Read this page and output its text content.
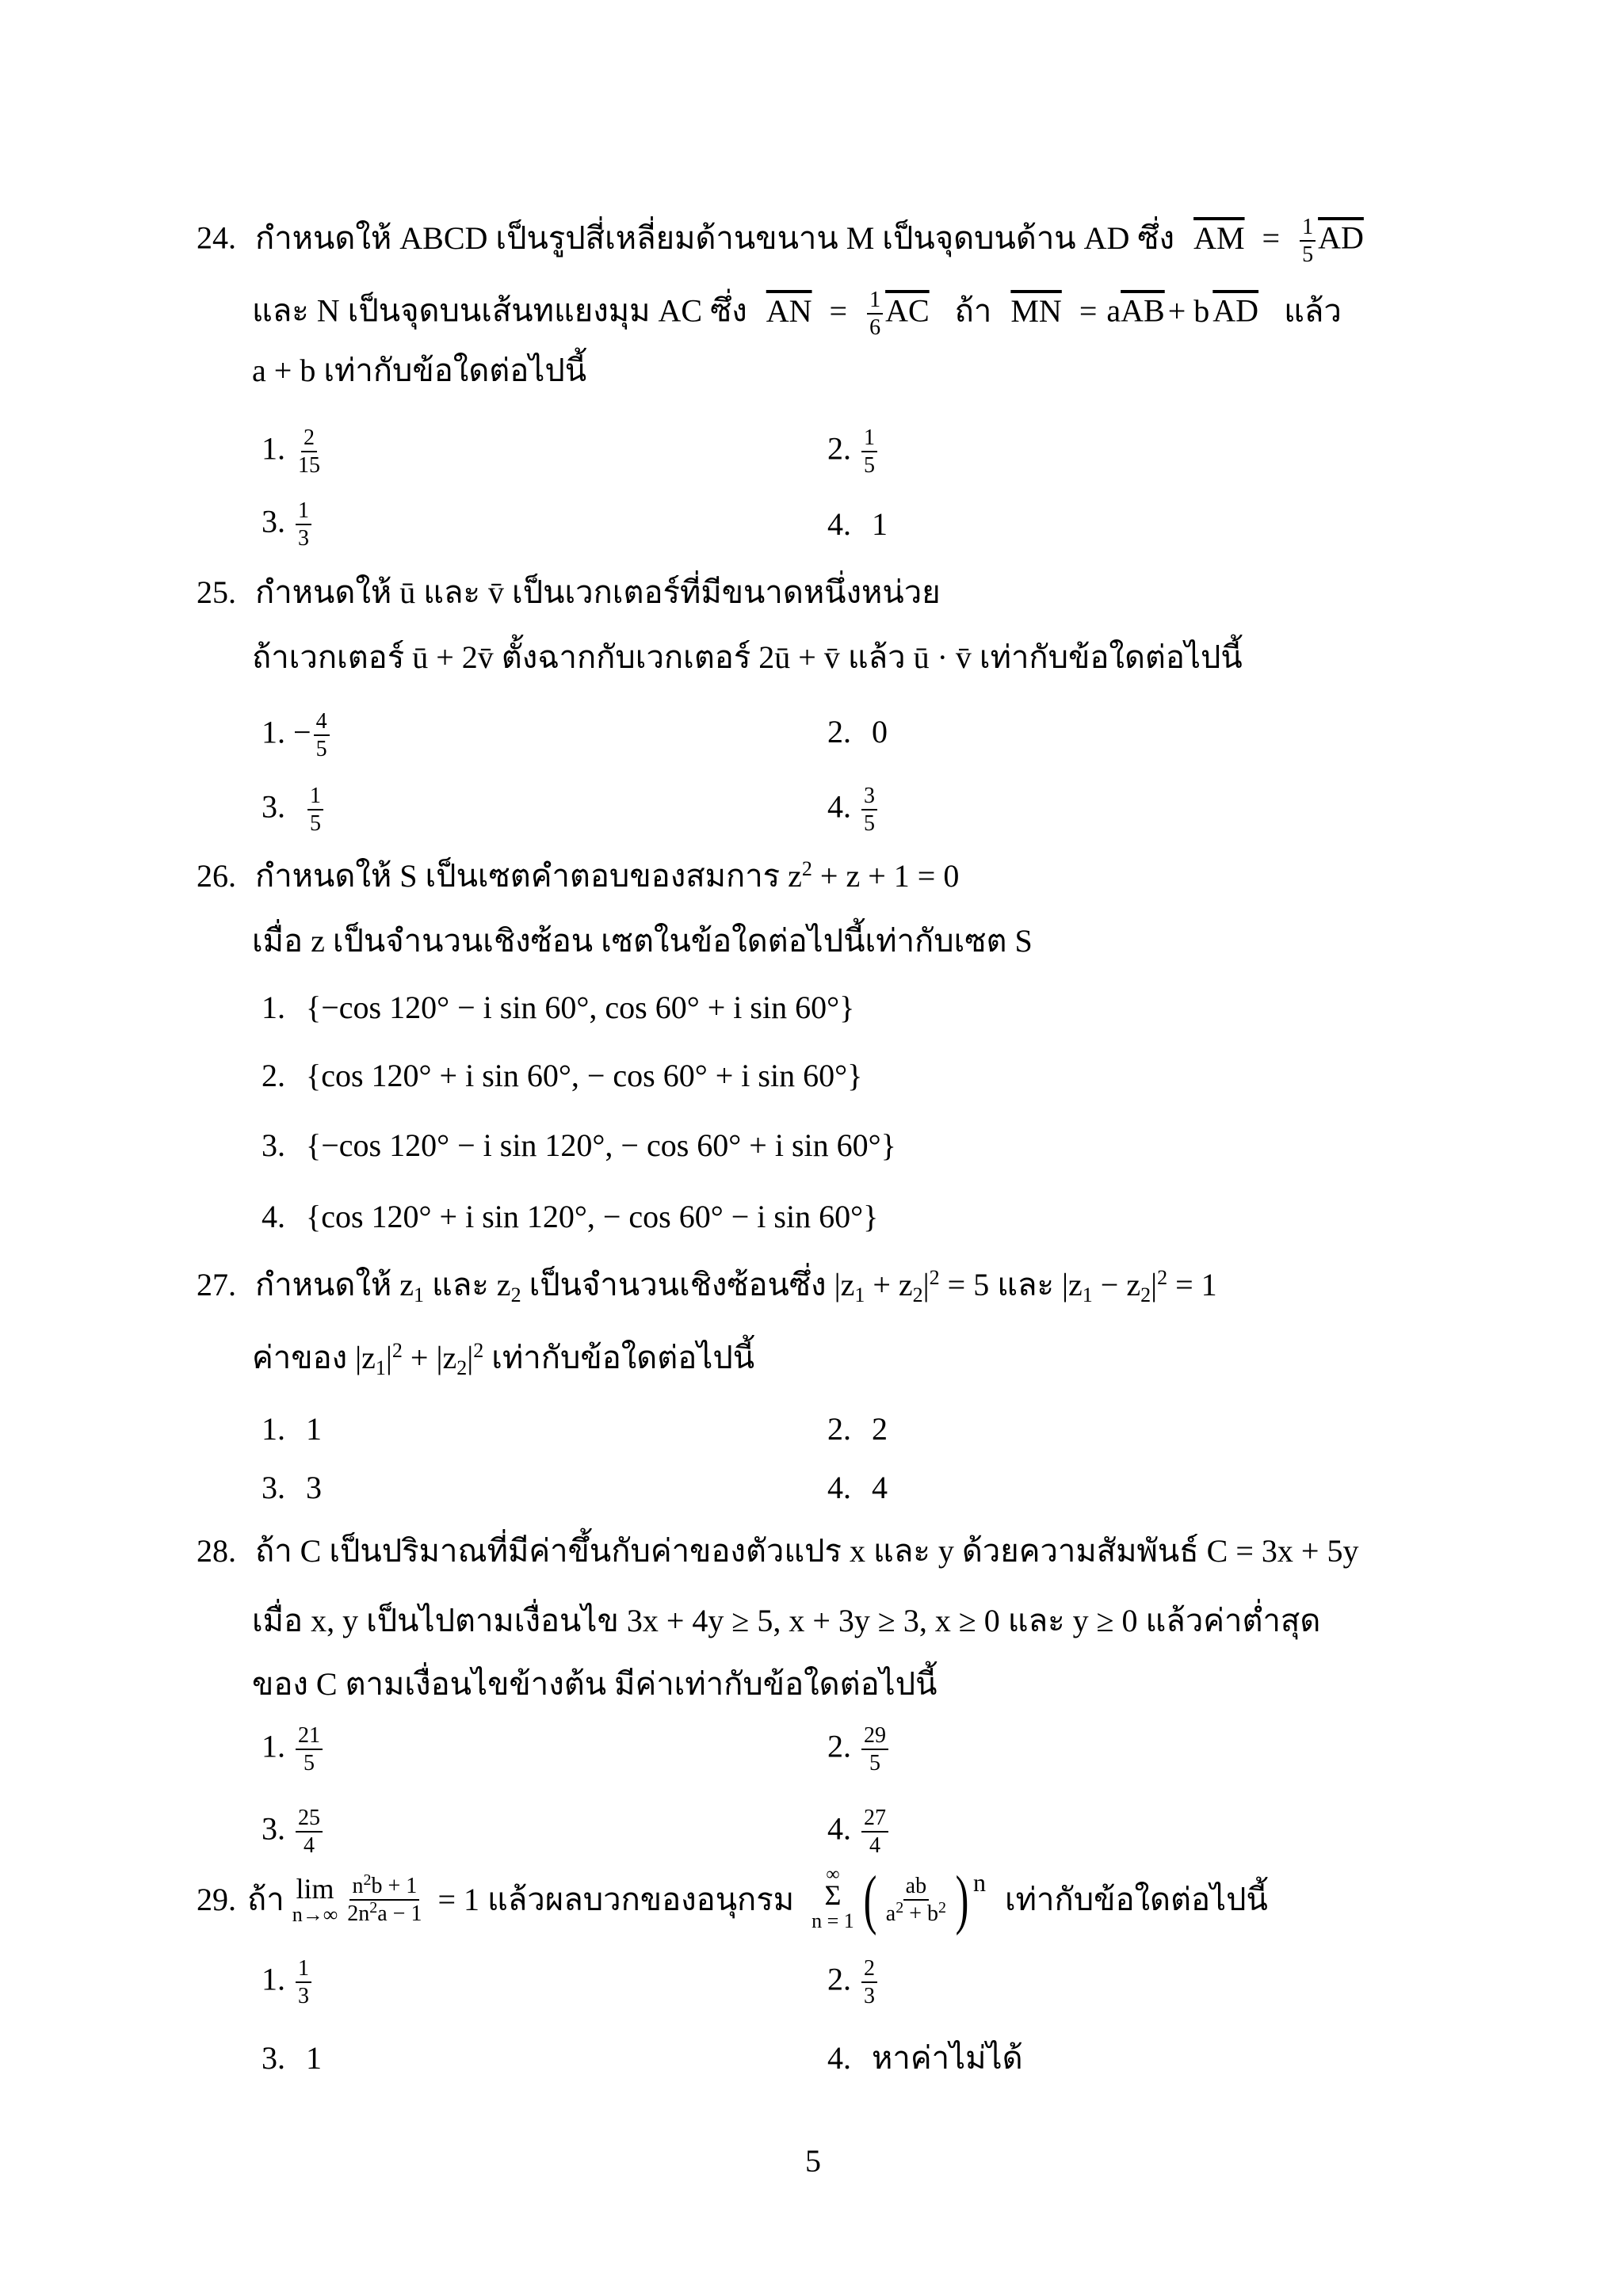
24. กำหนดให้ ABCD เป็นรูปสี่เหลี่ยมด้านขนาน M เป็นจุดบนด้าน AD ซึ่ง $\overline{AM} = \frac{1}{5} \overline{AD}$
และ N เป็นจุดบนเส้นทแยงมุม AC ซึ่ง $\overline{AN} = \frac{1}{6} \overline{AC}$ ถ้า $\overline{MN} = a\overline{AB} + b$ $\overline{AD}$ แล้ว
a + b เท่ากับข้อใดต่อไปนี้
1. $\frac{2}{15}$	2. $\frac{1}{5}$
3. $\frac{1}{3}$	4. 1
25. กำหนดให้ ū และ v̄ เป็นเวกเตอร์ที่มีขนาดหนึ่งหน่วย
ถ้าเวกเตอร์ ū + 2v̄ ตั้งฉากกับเวกเตอร์ 2ū + v̄ แล้ว ū · v̄ เท่ากับข้อใดต่อไปนี้
1. − $\frac{4}{5}$	2. 0
3. $\frac{1}{5}$	4. $\frac{3}{5}$
26. กำหนดให้ S เป็นเซตคำตอบของสมการ $z^2 + z + 1 = 0$
เมื่อ z เป็นจำนวนเชิงซ้อน เซตในข้อใดต่อไปนี้เท่ากับเซต S
1. {−cos 120° − i sin 60°, cos 60° + i sin 60°}
2. {cos 120° + i sin 60°, − cos 60° + i sin 60°}
3. {−cos 120° − i sin 120°, − cos 60° + i sin 60°}
4. {cos 120° + i sin 120°, − cos 60° − i sin 60°}
27. กำหนดให้ $z_1$ และ $z_2$ เป็นจำนวนเชิงซ้อนซึ่ง $|z_1 + z_2|^2 = 5$ และ $|z_1 - z_2|^2 = 1$
ค่าของ $|z_1|^2 + |z_2|^2$ เท่ากับข้อใดต่อไปนี้
1. 1	2. 2
3. 3	4. 4
28. ถ้า C เป็นปริมาณที่มีค่าขึ้นกับค่าของตัวแปร x และ y ด้วยความสัมพันธ์ C = 3x + 5y
เมื่อ x, y เป็นไปตามเงื่อนไข 3x + 4y ≥ 5, x + 3y ≥ 3, x ≥ 0 และ y ≥ 0 แล้วค่าต่ำสุด
ของ C ตามเงื่อนไขข้างต้น มีค่าเท่ากับข้อใดต่อไปนี้
1. $\frac{21}{5}$	2. $\frac{29}{5}$
3. $\frac{25}{4}$	4. $\frac{27}{4}$
29. ถ้า lim
$n\to\infty \frac{n^2b + 1}{2n^2a - 1} = 1$ แล้วผลบวกของอนุกรม
∞
Σ
n = 1 ( $\frac{ab}{a^2 + b^2}$ ) n เท่ากับข้อใดต่อไปนี้
1. $\frac{1}{3}$	2. $\frac{2}{3}$
3. 1	4. หาค่าไม่ได้
5
